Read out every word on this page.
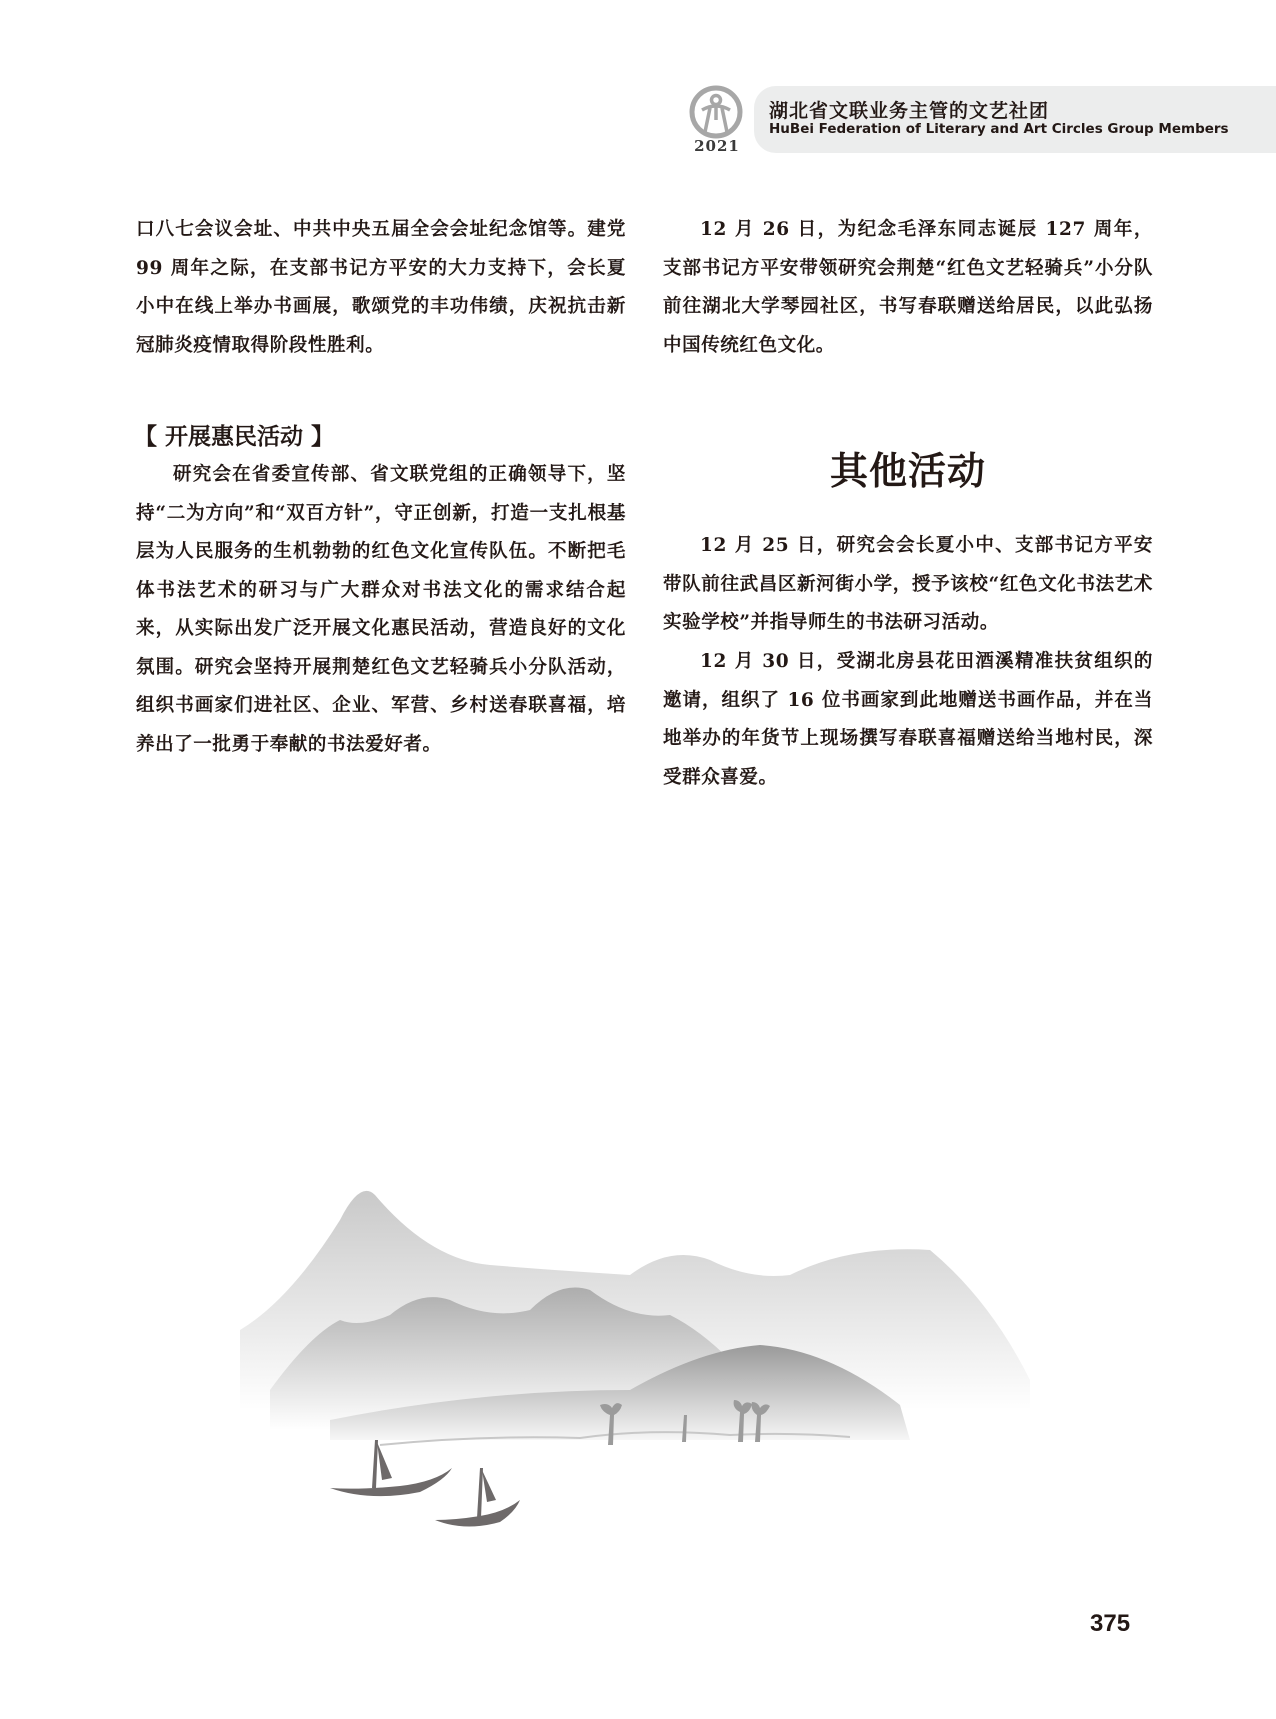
2021
湖北省文联业务主管的文艺社团
HuBei Federation of Literary and Art Circles Group Members

口八七会议会址、中共中央五届全会会址纪念馆等。建党 99 周年之际，在支部书记方平安的大力支持下，会长夏小中在线上举办书画展，歌颂党的丰功伟绩，庆祝抗击新冠肺炎疫情取得阶段性胜利。

【 开展惠民活动 】

研究会在省委宣传部、省文联党组的正确领导下，坚持“二为方向”和“双百方针”，守正创新，打造一支扎根基层为人民服务的生机勃勃的红色文化宣传队伍。不断把毛体书法艺术的研习与广大群众对书法文化的需求结合起来，从实际出发广泛开展文化惠民活动，营造良好的文化氛围。研究会坚持开展荆楚红色文艺轻骑兵小分队活动，组织书画家们进社区、企业、军营、乡村送春联喜福，培养出了一批勇于奉献的书法爱好者。

12 月 26 日，为纪念毛泽东同志诞辰 127 周年，支部书记方平安带领研究会荆楚“红色文艺轻骑兵”小分队前往湖北大学琴园社区，书写春联赠送给居民，以此弘扬中国传统红色文化。

其他活动

12 月 25 日，研究会会长夏小中、支部书记方平安带队前往武昌区新河街小学，授予该校“红色文化书法艺术实验学校”并指导师生的书法研习活动。

12 月 30 日，受湖北房县花田酒溪精准扶贫组织的邀请，组织了 16 位书画家到此地赠送书画作品，并在当地举办的年货节上现场撰写春联喜福赠送给当地村民，深受群众喜爱。

375
